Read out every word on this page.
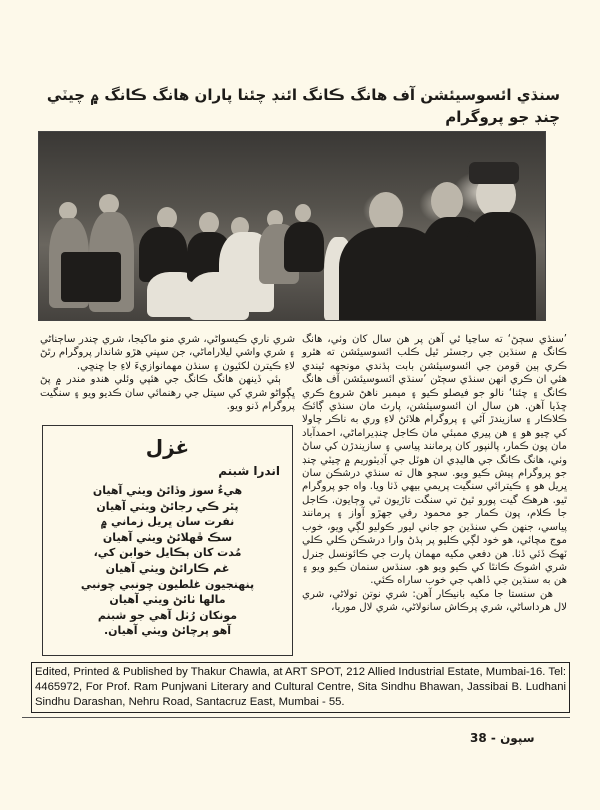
سنڌي ائسوسيئشن آف هانگ ڪانگ ائنڊ چئنا پاران هانگ ڪانگ ۾ چيٽي چنڊ جو پروگرام

’سنڌي سڄڻ‘ ته ساڃيا ٿي آهن پر هن سال کان وٺي، هانگ ڪانگ ۾ سنڌين جي رجسٽر ٿيل ڪلب ائسوسيئشن ته هٿرو ڪري ٻين قومن جي ائسوسيئشن بابت ٻڌندي مونجهه ٿيندي هئي ان ڪري انهن سنڌي سڄڻن ’سنڌي ائسوسيئشن آف هانگ ڪانگ ۽ چئنا‘ نالو جو فيصلو ڪيو ۽ ميمبر ناهڻ شروع ڪري ڇڏيا آهن. هن سال ان ائسوسيئشن، پارٽ مان سنڌي ڳائڪ ڪلاڪار ۽ سازيندڙ آڻي ۽ پروگرام هلائڻ لاءِ وري به ناڪر چاولا کي چيو هو ۽ هن پيري ممبئي مان ڪاجل چنڊيراماڻي، احمدآباد مان پون ڪمار، پالنپور کان پرمانند پياسي ۽ سازيندڙن کي ساڻ وٺي، هانگ ڪانگ جي هاليڊي ان هوٽل جي آڊيٽوريم ۾ چيٽي چنڊ جو پروگرام پيش ڪيو ويو. سڄو هال ته سنڌي درشڪن سان ڀريل هو ۽ ڪيترائي سنگيت پريمي بيهي ڏٺا ويا. واه جو پروگرام ٿيو. هرهڪ گيت پورو ٿيڻ تي سنگت تاڙيون ٿي وڄايون. ڪاجل جا ڪلام، پون ڪمار جو محمود رفي جهڙو آواز ۽ پرمانند پياسي، جنهن ڪي سنڌين جو جاني ليور ڪوليو لڳي ويو، خوب موج مچائي، هو خود لڳي ڪليو پر ٻڌڻ وارا درشڪن ڪلي ڪلي ٽهڪ ڏئي ڏٺا. هن دفعي مکيه مهمان پارت جي ڪائونسل جنرل شري اشوڪ ڪانٿا کي ڪيو ويو هو. سنڌس سنمان ڪيو ويو ۽ هن به سنڌين جي ڏاهپ جي خوب ساراه ڪئي.

هن سنستا جا مکيه بانيڪار آهن: شري نوتن تولاڻي، شري لال هرداساڻي، شري پرڪاش سانولاڻي، شري لال موريا،

شري ناري ڪيسواڻي، شري منو ماکيجا، شري چندر ساڄناڻي ۽ شري واشي ليلاراماڻي، جن سڀني هڙو شاندار پروگرام رٿڻ لاءِ ڪيترن لکئيون ۽ سنڌن مهمانوازيءَ لاءِ جا ڇنڇي.

ٻئي ڏينهن هانگ ڪانگ جي هئپي وئلي هندو مندر ۾ پڻ ڀڳواڻو شري کي سيتل جي رهنمائي سان ڪديو ويو ۽ سنگيت پروگرام ڏنو ويو.

غزل
اندرا شبنم
هيءُ سوز وڏائڻ ويٺي آهيان
پٿر ڪي رجائڻ ويٺي آهيان
نفرت سان ڀريل زماني ۾
سڪ ڦهلائڻ ويٺي آهيان
مُدت کان ٻڪايل خوابن کي،
غم ڪارائڻ ويٺي آهيان
پنهنجيون غلطيون چونبي چونبي
مالها ٺائڻ ويٺي آهيان
مونکان رُٺل آهي جو شبنم
آهو پرچائڻ ويٺي آهيان.
Edited, Printed & Published by Thakur Chawla, at ART SPOT, 212 Allied Industrial Estate, Mumbai-16. Tel: 4465972, For Prof. Ram Punjwani Literary and Cultural Centre, Sita Sindhu Bhawan, Jassibai B. Ludhani Sindhu Darashan, Nehru Road, Santacruz East, Mumbai - 55.
سپون - 38
